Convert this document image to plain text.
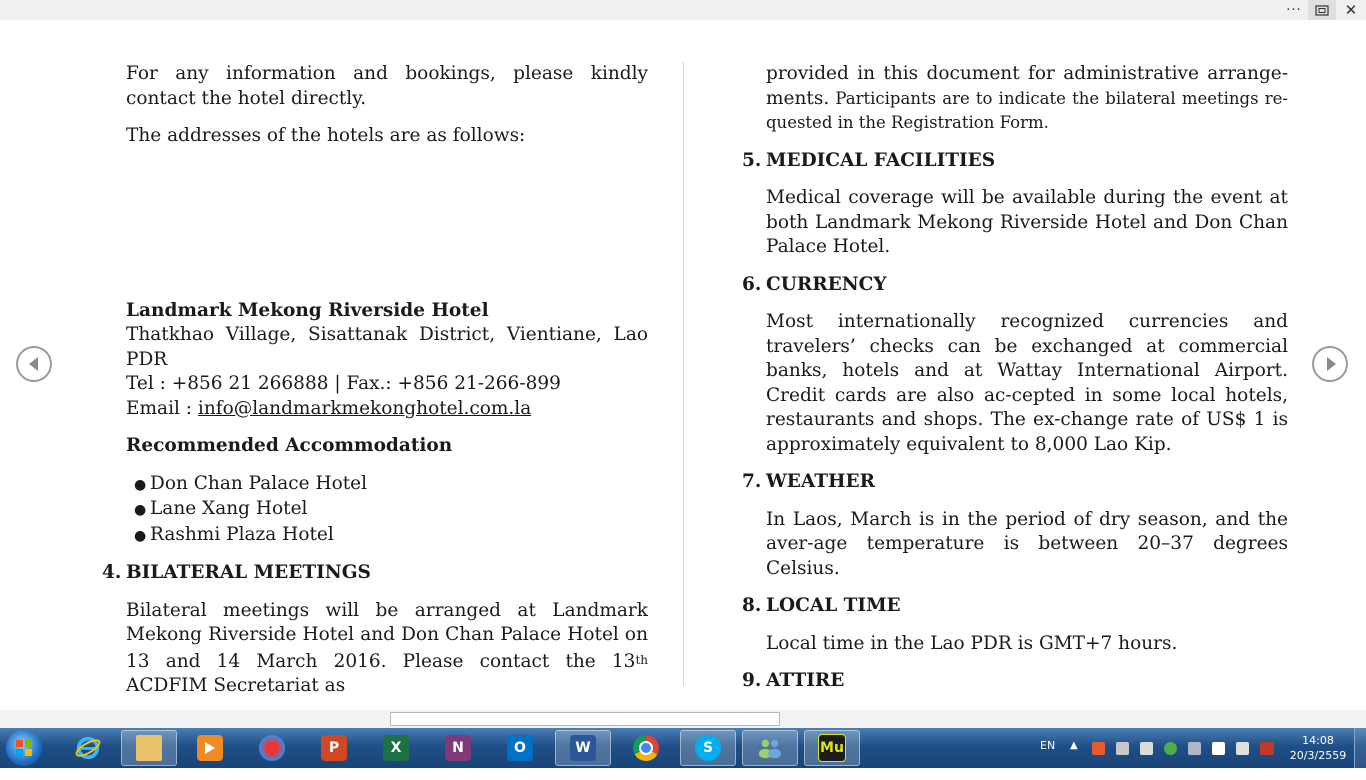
···	✕

For any information and bookings, please kindly contact the hotel directly.

The addresses of the hotels are as follows:

Landmark Mekong Riverside Hotel

Thatkhao Village, Sisattanak District, Vientiane, Lao PDR

Tel : +856 21 266888 | Fax.: +856 21-266-899

Email : info@landmarkmekonghotel.com.la

Recommended Accommodation

● Don Chan Palace Hotel
● Lane Xang Hotel
● Rashmi Plaza Hotel

4. BILATERAL MEETINGS

Bilateral meetings will be arranged at Landmark Mekong Riverside Hotel and Don Chan Palace Hotel on 13 and 14 March 2016. Please contact the 13th ACDFIM Secretariat as

provided in this document for administrative arrange-ments. Participants are to indicate the bilateral meetings re-quested in the Registration Form.

5. MEDICAL FACILITIES

Medical coverage will be available during the event at both Landmark Mekong Riverside Hotel and Don Chan Palace Hotel.

6. CURRENCY

Most internationally recognized currencies and travelers’ checks can be exchanged at commercial banks, hotels and at Wattay International Airport. Credit cards are also ac-cepted in some local hotels, restaurants and shops. The ex-change rate of US$ 1 is approximately equivalent to 8,000 Lao Kip.

7. WEATHER

In Laos, March is in the period of dry season, and the aver-age temperature is between 20–37 degrees Celsius.

8. LOCAL TIME

Local time in the Lao PDR is GMT+7 hours.

9. ATTIRE

P	X	N	O	W	S	Mu	EN ▲	14:08
20/3/2559
